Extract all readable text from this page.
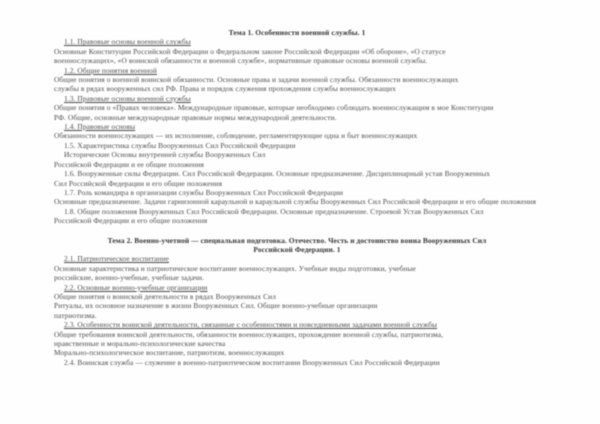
Тема 1. Особенности военной службы. 1
1.1. Правовые основы военной службы
Основные Конституции Российской Федерации о Федеральном законе Российской Федерации «Об обороне», «О статусе
военнослужащих», «О воинской обязанности и военной службе», нормативные правовые основы военной службы.
1.2. Общие понятия военной
Общие понятия о военной воинской обязанности. Основные права и задачи военной службы. Обязанности военнослужащих
службы в рядах вооруженных сил РФ. Права и порядок служения прохождения службы военнослужащих
1.3. Правовые основы военной службы
Общие понятия о «Правах человека». Международные правовые, которые необходимо соблюдать военнослужащим в мое Конституции
РФ. Общие, основные международные правовые нормы международной деятельности.
1.4. Правовые основы
Обязанности военнослужащих — их исполнение, соблюдение, регламентирующие одна и быт военнослужащих
1.5. Характеристика службы Вооруженных Сил Российской Федерации
Исторические Основы внутренней службы Вооруженных Сил
Российской Федерации и ее общие положения
1.6. Вооруженные силы Федерации. Сил Российской Федерации. Основные предназначение. Дисциплинарный устав Вооруженных
Сил Российской Федерации и его общие положения
1.7. Роль командира в организации службы Вооруженных Сил Российской Федерации
Основные предназначение. Задачи гарнизонной караульной и караульной службы Вооруженных Сил Российской Федерации и его общие положения
1.8. Общие положения Вооруженных Сил Российской Федерации. Основные предназначение. Строевой Устав Вооруженных Сил
Российской Федерации и его общие положения
Тема 2. Военно-учетной — специальная подготовка. Отечество. Честь и достоинство воина Вооруженных Сил Российской Федерации. 1
2.1. Патриотическое воспитание
Основные характеристика и патриотическое воспитание военнослужащих. Учебные виды подготовки, учебные
российские, военно-учебные, учебные задачи.
2.2. Основные военно-учебные организации
Общие понятия о воинской деятельности в рядах Вооруженных Сил
Ритуалы, их основное назначение в жизни Вооруженных Сил. Общие военно-учебные организации
патриотизма.
2.3. Особенности воинской деятельности, связанные с особенностями и повседневными задачами военной службы
Общие требования воинской деятельности, обязанности военнослужащих, прохождение военной службы, патриотизма,
нравственные и морально-психологические качества
Морально-психологическое воспитание, патриотизм, военнослужащих
2.4. Воинская служба — служение в военно-патриотическом воспитании Вооруженных Сил Российской Федерации
